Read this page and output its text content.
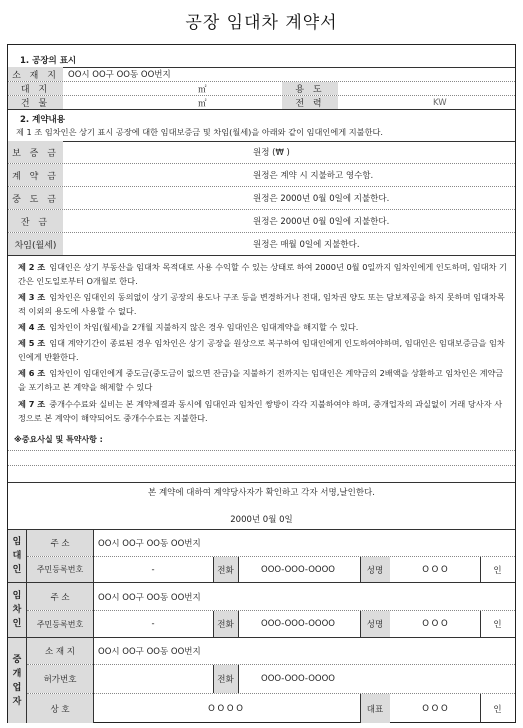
공장 임대차 계약서
1. 공장의 표시
소 재 지	OO시 OO구 OO동 OO번지
대 지	㎡	용 도
건 물	㎡	전 력	KW
2. 계약내용
제 1 조 임차인은 상기 표시 공장에 대한 임대보증금 및 차임(월세)을 아래와 같이 임대인에게 지불한다.
보 증 금	원정 (₩ )
계 약 금	원정은 계약 시 지불하고 영수함.
중 도 금	원정은 2000년 0월 0일에 지불한다.
잔 금	원정은 2000년 0월 0일에 지불한다.
차임(월세)	원정은 매월 0일에 지불한다.
제 2 조 임대인은 상기 부동산을 임대차 목적대로 사용 수익할 수 있는 상태로 하여 2000년 0월 0일까지 임차인에게 인도하며, 임대차 기간은 인도일로부터 O개월로 한다.
제 3 조 임차인은 임대인의 동의없이 상기 공장의 용도나 구조 등을 변경하거나 전대, 임차권 양도 또는 담보제공을 하지 못하며 임대차목적 이외의 용도에 사용할 수 없다.
제 4 조 임차인이 차임(월세)을 2개월 지불하지 않은 경우 임대인은 임대계약을 해지할 수 있다.
제 5 조 임대 계약기간이 종료된 경우 임차인은 상기 공장을 원상으로 복구하여 임대인에게 인도하여야하며, 임대인은 임대보증금을 임차인에게 반환한다.
제 6 조 임차인이 임대인에게 중도금(중도금이 없으면 잔금)을 지불하기 전까지는 임대인은 계약금의 2배액을 상환하고 임차인은 계약금을 포기하고 본 계약을 해제할 수 있다
제 7 조 중개수수료와 실비는 본 계약체결과 동시에 임대인과 임차인 쌍방이 각각 지불하여야 하며, 중개업자의 과실없이 거래 당사자 사정으로 본 계약이 해약되어도 중개수수료는 지불한다.
※중요사실 및 특약사항 :
본 계약에 대하여 계약당사자가 확인하고 각자 서명,날인한다.
2000년 0월 0일
임
대
인
주 소	OO시 OO구 OO동 OO번지
주민등록번호	-	전화	OOO-OOO-OOOO	성명	O O O	인
임
차
인
주 소	OO시 OO구 OO동 OO번지
주민등록번호	-	전화	OOO-OOO-OOOO	성명	O O O	인
중
개
업
자
소 재 지	OO시 OO구 OO동 OO번지
허가번호	전화	OOO-OOO-OOOO
상 호	O O O O	대표	O O O	인
